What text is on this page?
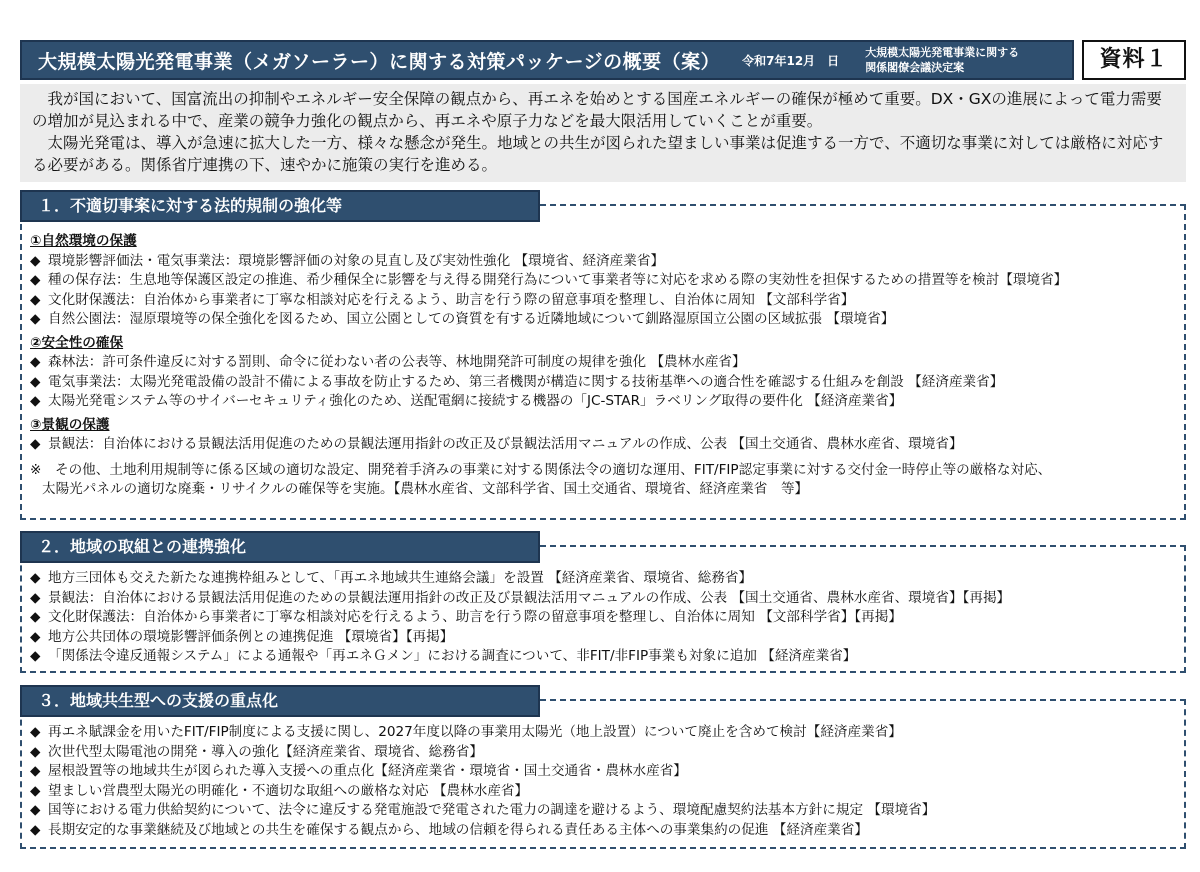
大規模太陽光発電事業（メガソーラー）に関する対策パッケージの概要（案） 令和7年12月　日
大規模太陽光発電事業に関する
関係閣僚会議決定案	資料１

我が国において、国富流出の抑制やエネルギー安全保障の観点から、再エネを始めとする国産エネルギーの確保が極めて重要。DX・GXの進展によって電力需要の増加が見込まれる中で、産業の競争力強化の観点から、再エネや原子力などを最大限活用していくことが重要。

太陽光発電は、導入が急速に拡大した一方、様々な懸念が発生。地域との共生が図られた望ましい事業は促進する一方で、不適切な事業に対しては厳格に対応する必要がある。関係省庁連携の下、速やかに施策の実行を進める。

１．不適切事案に対する法的規制の強化等
①自然環境の保護
◆ 環境影響評価法・電気事業法：環境影響評価の対象の見直し及び実効性強化 【環境省、経済産業省】
◆ 種の保存法：生息地等保護区設定の推進、希少種保全に影響を与え得る開発行為について事業者等に対応を求める際の実効性を担保するための措置等を検討【環境省】
◆ 文化財保護法：自治体から事業者に丁寧な相談対応を行えるよう、助言を行う際の留意事項を整理し、自治体に周知 【文部科学省】
◆ 自然公園法：湿原環境等の保全強化を図るため、国立公園としての資質を有する近隣地域について釧路湿原国立公園の区域拡張 【環境省】
②安全性の確保
◆ 森林法：許可条件違反に対する罰則、命令に従わない者の公表等、林地開発許可制度の規律を強化 【農林水産省】
◆ 電気事業法：太陽光発電設備の設計不備による事故を防止するため、第三者機関が構造に関する技術基準への適合性を確認する仕組みを創設 【経済産業省】
◆ 太陽光発電システム等のサイバーセキュリティ強化のため、送配電網に接続する機器の「JC-STAR」ラベリング取得の要件化 【経済産業省】
③景観の保護
◆ 景観法：自治体における景観法活用促進のための景観法運用指針の改正及び景観法活用マニュアルの作成、公表 【国土交通省、農林水産省、環境省】
※　その他、土地利用規制等に係る区域の適切な設定、開発着手済みの事業に対する関係法令の適切な運用、FIT/FIP認定事業に対する交付金一時停止等の厳格な対応、
太陽光パネルの適切な廃棄・リサイクルの確保等を実施。【農林水産省、文部科学省、国土交通省、環境省、経済産業省　等】
２．地域の取組との連携強化
◆ 地方三団体も交えた新たな連携枠組みとして、「再エネ地域共生連絡会議」を設置 【経済産業省、環境省、総務省】
◆ 景観法：自治体における景観法活用促進のための景観法運用指針の改正及び景観法活用マニュアルの作成、公表 【国土交通省、農林水産省、環境省】【再掲】
◆ 文化財保護法：自治体から事業者に丁寧な相談対応を行えるよう、助言を行う際の留意事項を整理し、自治体に周知 【文部科学省】【再掲】
◆ 地方公共団体の環境影響評価条例との連携促進 【環境省】【再掲】
◆ 「関係法令違反通報システム」による通報や「再エネＧメン」における調査について、非FIT/非FIP事業も対象に追加 【経済産業省】
３．地域共生型への支援の重点化
◆ 再エネ賦課金を用いたFIT/FIP制度による支援に関し、2027年度以降の事業用太陽光（地上設置）について廃止を含めて検討【経済産業省】
◆ 次世代型太陽電池の開発・導入の強化【経済産業省、環境省、総務省】
◆ 屋根設置等の地域共生が図られた導入支援への重点化【経済産業省・環境省・国土交通省・農林水産省】
◆ 望ましい営農型太陽光の明確化・不適切な取組への厳格な対応 【農林水産省】
◆ 国等における電力供給契約について、法令に違反する発電施設で発電された電力の調達を避けるよう、環境配慮契約法基本方針に規定 【環境省】
◆ 長期安定的な事業継続及び地域との共生を確保する観点から、地域の信頼を得られる責任ある主体への事業集約の促進 【経済産業省】
